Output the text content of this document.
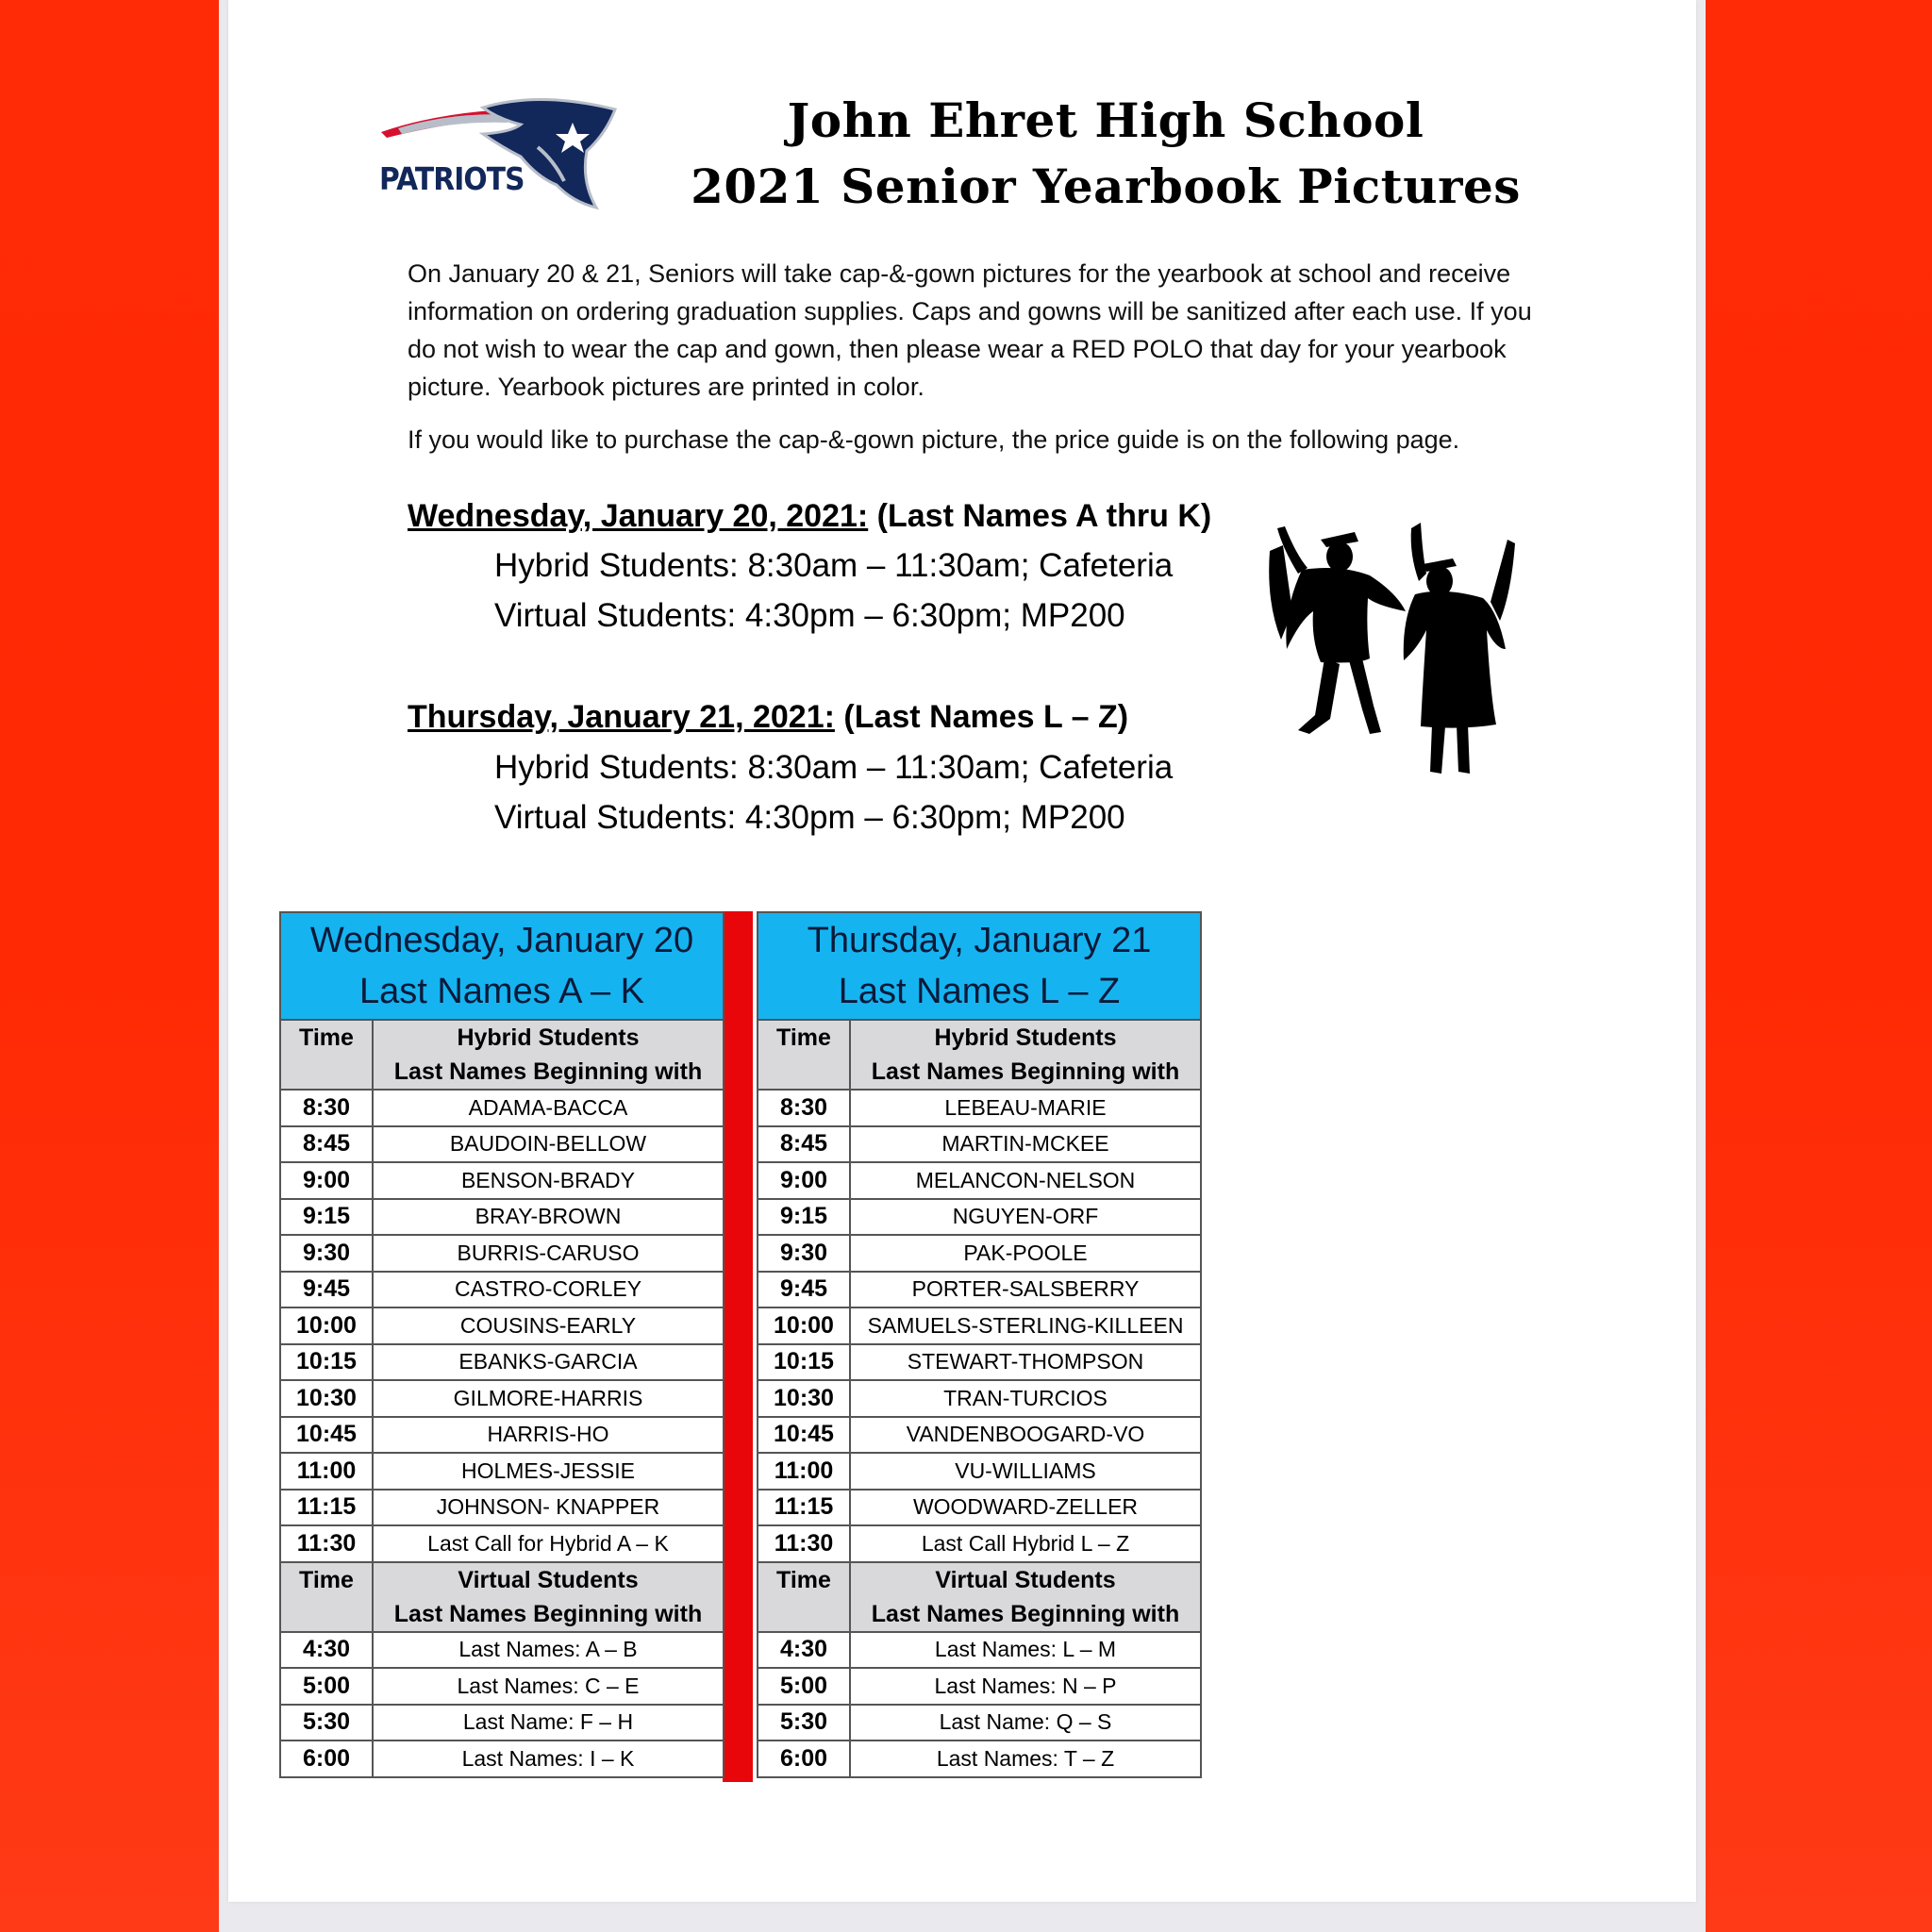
PATRIOTS
John Ehret High School
2021 Senior Yearbook Pictures
On January 20 & 21, Seniors will take cap-&-gown pictures for the yearbook at school and receive information on ordering graduation supplies. Caps and gowns will be sanitized after each use. If you do not wish to wear the cap and gown, then please wear a RED POLO that day for your yearbook picture. Yearbook pictures are printed in color.
If you would like to purchase the cap-&-gown picture, the price guide is on the following page.
Wednesday, January 20, 2021: (Last Names A thru K)
Hybrid Students: 8:30am – 11:30am; Cafeteria
Virtual Students: 4:30pm – 6:30pm; MP200
Thursday, January 21, 2021: (Last Names L – Z)
Hybrid Students: 8:30am – 11:30am; Cafeteria
Virtual Students: 4:30pm – 6:30pm; MP200
Wednesday, January 20
Last Names A – K	

Time	Hybrid Students
Last Names Beginning with

8:30	ADAMA-BACCA
8:45	BAUDOIN-BELLOW
9:00	BENSON-BRADY
9:15	BRAY-BROWN
9:30	BURRIS-CARUSO
9:45	CASTRO-CORLEY
10:00	COUSINS-EARLY
10:15	EBANKS-GARCIA
10:30	GILMORE-HARRIS
10:45	HARRIS-HO
11:00	HOLMES-JESSIE
11:15	JOHNSON- KNAPPER
11:30	Last Call for Hybrid A – K
Time	Virtual Students
Last Names Beginning with

4:30	Last Names: A – B
5:00	Last Names: C – E
5:30	Last Name: F – H
6:00	Last Names: I – K
Thursday, January 21
Last Names L – Z	

Time	Hybrid Students
Last Names Beginning with

8:30	LEBEAU-MARIE
8:45	MARTIN-MCKEE
9:00	MELANCON-NELSON
9:15	NGUYEN-ORF
9:30	PAK-POOLE
9:45	PORTER-SALSBERRY
10:00	SAMUELS-STERLING-KILLEEN
10:15	STEWART-THOMPSON
10:30	TRAN-TURCIOS
10:45	VANDENBOOGARD-VO
11:00	VU-WILLIAMS
11:15	WOODWARD-ZELLER
11:30	Last Call Hybrid L – Z
Time	Virtual Students
Last Names Beginning with

4:30	Last Names: L – M
5:00	Last Names: N – P
5:30	Last Name: Q – S
6:00	Last Names: T – Z
